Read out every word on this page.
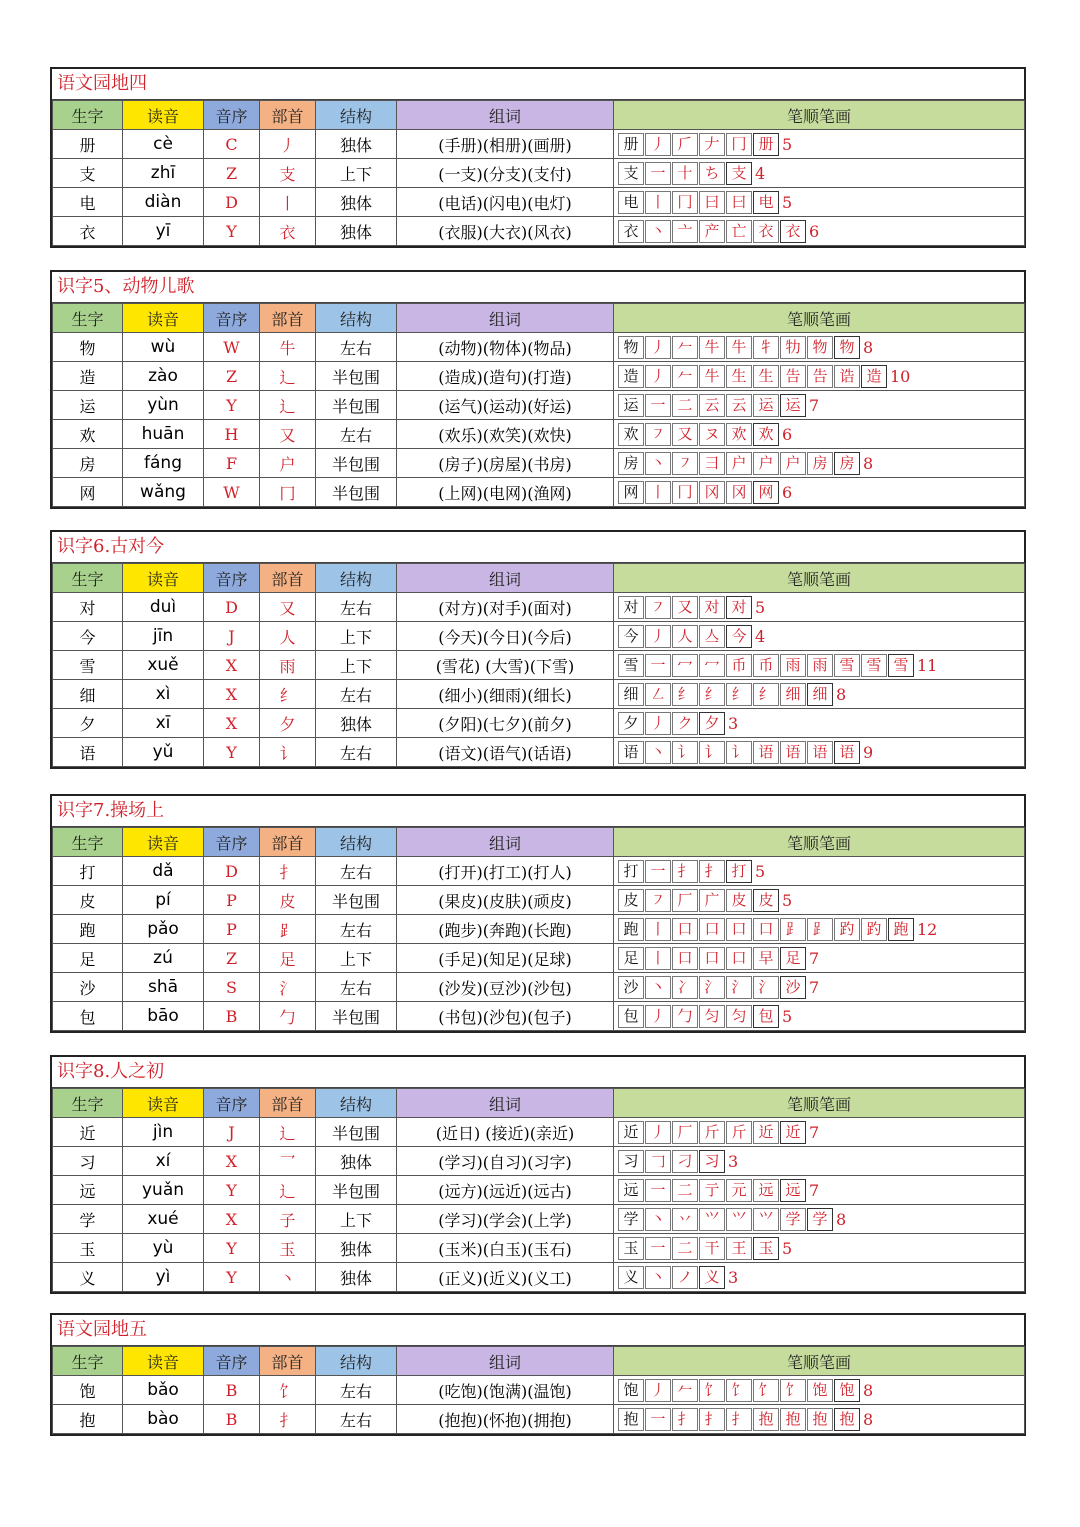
语文园地四
生字	读音	音序	部首	结构	组词	笔顺笔画
册	cè	C	丿	独体	(手册)(相册)(画册)	册 丿 𠂆 𠂇 冂 册 5
支	zhī	Z	支	上下	(一支)(分支)(支付)	支 一 十 ち 支 4
电	diàn	D	丨	独体	(电话)(闪电)(电灯)	电 丨 冂 曰 曰 电 5
衣	yī	Y	衣	独体	(衣服)(大衣)(风衣)	衣 丶 亠 产 亡 衣 衣 6
识字5、动物儿歌
生字	读音	音序	部首	结构	组词	笔顺笔画
物	wù	W	牛	左右	(动物)(物体)(物品)	物 丿 𠂉 牛 牛 牜 牞 物 物 8
造	zào	Z	辶	半包围	(造成)(造句)(打造)	造 丿 𠂉 牛 生 生 告 告 诰 造 10
运	yùn	Y	辶	半包围	(运气)(运动)(好运)	运 一 二 云 云 运 运 7
欢	huān	H	又	左右	(欢乐)(欢笑)(欢快)	欢 ㇇ 又 ヌ 欢 欢 6
房	fáng	F	户	半包围	(房子)(房屋)(书房)	房 丶 ㇇ 彐 户 户 户 房 房 8
网	wǎng	W	冂	半包围	(上网)(电网)(渔网)	网 丨 冂 冈 冈 网 6
识字6.古对今
生字	读音	音序	部首	结构	组词	笔顺笔画
对	duì	D	又	左右	(对方)(对手)(面对)	对 ㇇ 又 对 对 5
今	jīn	J	人	上下	(今天)(今日)(今后)	今 丿 人 亼 今 4
雪	xuě	X	雨	上下	(雪花) (大雪)(下雪)	雪 一 冖 冖 币 币 雨 雨 雪 雪 雪 11
细	xì	X	纟	左右	(细小)(细雨)(细长)	细 ㇜ 纟 纟 纟 纟 细 细 8
夕	xī	X	夕	独体	(夕阳)(七夕)(前夕)	夕 丿 ク 夕 3
语	yǔ	Y	讠	左右	(语文)(语气)(话语)	语 丶 讠 讠 讠 语 语 语 语 9
识字7.操场上
生字	读音	音序	部首	结构	组词	笔顺笔画
打	dǎ	D	扌	左右	(打开)(打工)(打人)	打 一 扌 扌 打 5
皮	pí	P	皮	半包围	(果皮)(皮肤)(顽皮)	皮 ㇇ 厂 广 皮 皮 5
跑	pǎo	P	⻊	左右	(跑步)(奔跑)(长跑)	跑 丨 口 口 口 口 ⻊ ⻊ 趵 趵 跑 12
足	zú	Z	足	上下	(手足)(知足)(足球)	足 丨 口 口 口 早 足 7
沙	shā	S	氵	左右	(沙发)(豆沙)(沙包)	沙 丶 冫 氵 氵 氵 沙 7
包	bāo	B	勹	半包围	(书包)(沙包)(包子)	包 丿 勹 匀 匀 包 5
识字8.人之初
生字	读音	音序	部首	结构	组词	笔顺笔画
近	jìn	J	辶	半包围	(近日) (接近)(亲近)	近 丿 厂 斤 斤 近 近 7
习	xí	X	乛	独体	(学习)(自习)(习字)	习 𠃌 刁 习 3
远	yuǎn	Y	辶	半包围	(远方)(远近)(远古)	远 一 二 亍 元 远 远 7
学	xué	X	子	上下	(学习)(学会)(上学)	学 丶 丷 ⺍ ⺍ ⺍ 学 学 8
玉	yù	Y	玉	独体	(玉米)(白玉)(玉石)	玉 一 二 干 王 玉 5
义	yì	Y	丶	独体	(正义)(近义)(义工)	义 丶 ノ 义 3
语文园地五
生字	读音	音序	部首	结构	组词	笔顺笔画
饱	bǎo	B	饣	左右	(吃饱)(饱满)(温饱)	饱 丿 𠂉 饣 饣 饣 饣 饱 饱 8
抱	bào	B	扌	左右	(抱抱)(怀抱)(拥抱)	抱 一 扌 扌 扌 抱 抱 抱 抱 8
